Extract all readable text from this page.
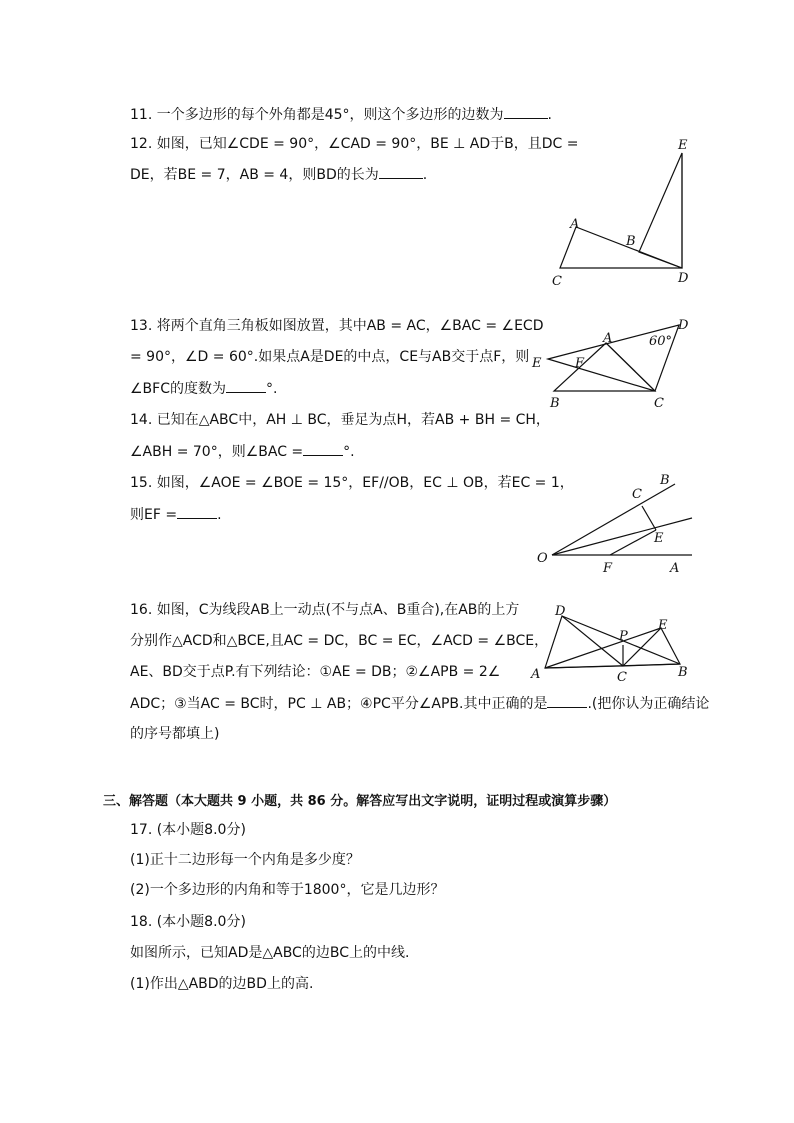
11. 一个多边形的每个外角都是45°，则这个多边形的边数为	.
12. 如图，已知∠CDE = 90°，∠CAD = 90°，BE ⊥ AD于B，且DC =
DE，若BE = 7，AB = 4，则BD的长为	.
A
B
C	D
E
13. 将两个直角三角板如图放置，其中AB = AC，∠BAC = ∠ECD
= 90°，∠D = 60°.如果点A是DE的中点，CE与AB交于点F，则
∠BFC的度数为	°.
A
B	C
D
E	F
60°
14. 已知在△ABC中，AH ⊥ BC，垂足为点H，若AB + BH = CH，
∠ABH = 70°，则∠BAC =	°.
15. 如图，∠AOE = ∠BOE = 15°，EF//OB，EC ⊥ OB，若EC = 1，
则EF =	.
O
A
B
C
E
F
16. 如图，C为线段AB上一动点(不与点A、B重合),在AB的上方
分别作△ACD和△BCE,且AC = DC，BC = EC，∠ACD = ∠BCE，
AE、BD交于点P.有下列结论：①AE = DB；②∠APB = 2∠
ADC；③当AC = BC时，PC ⊥ AB；④PC平分∠APB.其中正确的是	.(把你认为正确结论
的序号都填上)
A	B
C
D
E
P
三、解答题（本大题共 9 小题，共 86 分。解答应写出文字说明，证明过程或演算步骤）
17. (本小题8.0分)
(1)正十二边形每一个内角是多少度？
(2)一个多边形的内角和等于1800°，它是几边形？
18. (本小题8.0分)
如图所示，已知AD是△ABC的边BC上的中线.
(1)作出△ABD的边BD上的高.
